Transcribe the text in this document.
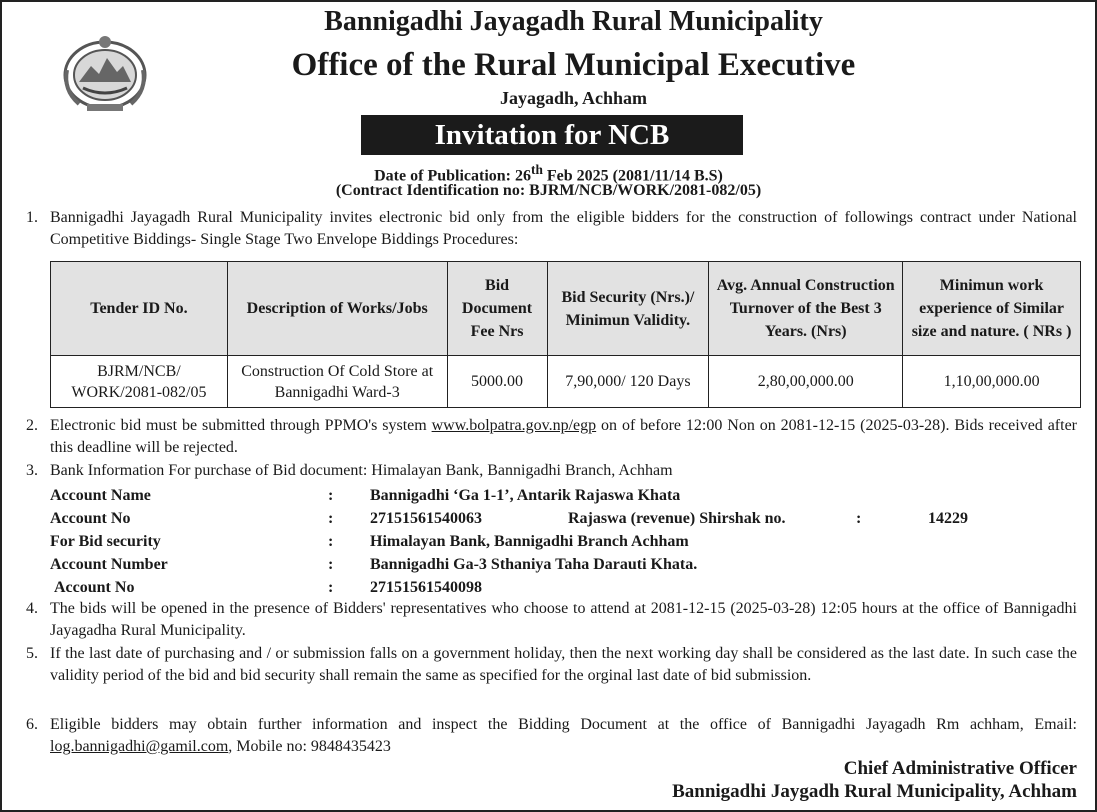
Bannigadhi Jayagadh Rural Municipality
Office of the Rural Municipal Executive
Jayagadh, Achham
Invitation for NCB
Date of Publication: 26th Feb 2025 (2081/11/14 B.S)
(Contract Identification no: BJRM/NCB/WORK/2081-082/05)
1. Bannigadhi Jayagadh Rural Municipality invites electronic bid only from the eligible bidders for the construction of followings contract under National Competitive Biddings- Single Stage Two Envelope Biddings Procedures:
Tender ID No.	Description of Works/Jobs	Bid Document Fee Nrs	Bid Security (Nrs.)/ Minimun Validity.	Avg. Annual Construction Turnover of the Best 3 Years. (Nrs)	Minimun work experience of Similar size and nature. ( NRs )
BJRM/NCB/ WORK/2081-082/05	Construction Of Cold Store at Bannigadhi Ward-3	5000.00	7,90,000/ 120 Days	2,80,00,000.00	1,10,00,000.00
2. Electronic bid must be submitted through PPMO's system www.bolpatra.gov.np/egp on of before 12:00 Non on 2081-12-15 (2025-03-28). Bids received after this deadline will be rejected.
3. Bank Information For purchase of Bid document: Himalayan Bank, Bannigadhi Branch, Achham
Account Name	: Bannigadhi ‘Ga 1-1’, Antarik Rajaswa Khata
Account No	: 27151561540063	Rajaswa (revenue) Shirshak no.	:	14229
For Bid security	: Himalayan Bank, Bannigadhi Branch Achham
Account Number	: Bannigadhi Ga-3 Sthaniya Taha Darauti Khata.
Account No	: 27151561540098
4. The bids will be opened in the presence of Bidders' representatives who choose to attend at 2081-12-15 (2025-03-28) 12:05 hours at the office of Bannigadhi Jayagadha Rural Municipality.
5. If the last date of purchasing and / or submission falls on a government holiday, then the next working day shall be considered as the last date. In such case the validity period of the bid and bid security shall remain the same as specified for the orginal last date of bid submission.
6. Eligible bidders may obtain further information and inspect the Bidding Document at the office of Bannigadhi Jayagadh Rm achham, Email: log.bannigadhi@gamil.com, Mobile no: 9848435423
Chief Administrative Officer
Bannigadhi Jaygadh Rural Municipality, Achham
